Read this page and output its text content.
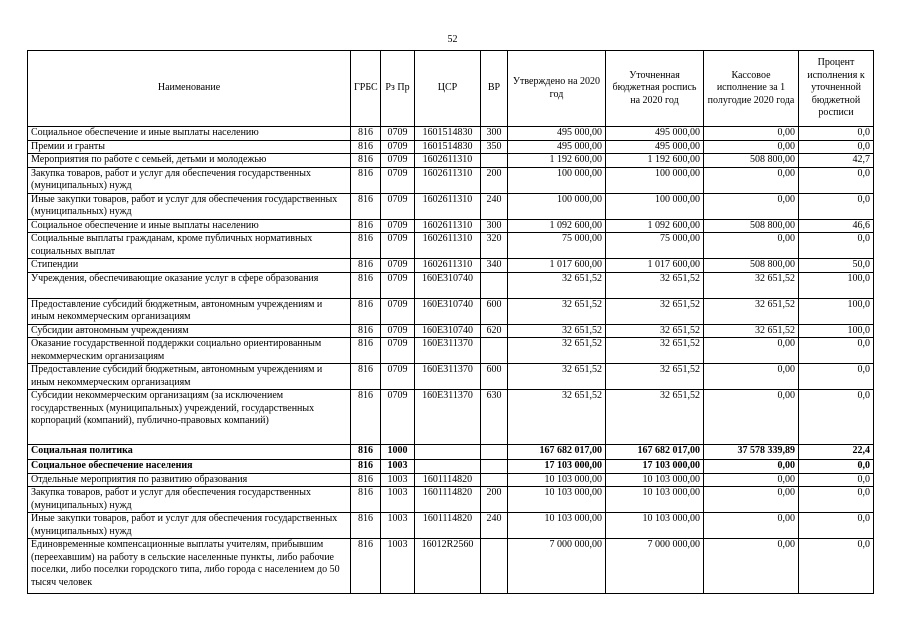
52
Наименование	ГРБС	Рз Пр	ЦСР	ВР	Утверждено на 2020 год	Уточненная бюджетная роспись на 2020 год	Кассовое исполнение за 1 полугодие 2020 года	Процент исполнения к уточненной бюджетной росписи
Социальное обеспечение и иные выплаты населению	816	0709	1601514830	300	495 000,00	495 000,00	0,00	0,0
Премии и гранты	816	0709	1601514830	350	495 000,00	495 000,00	0,00	0,0
Мероприятия по работе с семьей, детьми и молодежью	816	0709	1602611310		1 192 600,00	1 192 600,00	508 800,00	42,7
Закупка товаров, работ и услуг для обеспечения государственных (муниципальных) нужд	816	0709	1602611310	200	100 000,00	100 000,00	0,00	0,0
Иные закупки товаров, работ и услуг для обеспечения государственных (муниципальных) нужд	816	0709	1602611310	240	100 000,00	100 000,00	0,00	0,0
Социальное обеспечение и иные выплаты населению	816	0709	1602611310	300	1 092 600,00	1 092 600,00	508 800,00	46,6
Социальные выплаты гражданам, кроме публичных нормативных социальных выплат	816	0709	1602611310	320	75 000,00	75 000,00	0,00	0,0
Стипендии	816	0709	1602611310	340	1 017 600,00	1 017 600,00	508 800,00	50,0
Учреждения, обеспечивающие оказание услуг в сфере образования	816	0709	160E310740		32 651,52	32 651,52	32 651,52	100,0
Предоставление субсидий бюджетным, автономным учреждениям и иным некоммерческим организациям	816	0709	160E310740	600	32 651,52	32 651,52	32 651,52	100,0
Субсидии автономным учреждениям	816	0709	160E310740	620	32 651,52	32 651,52	32 651,52	100,0
Оказание государственной поддержки социально ориентированным некоммерческим организациям	816	0709	160E311370		32 651,52	32 651,52	0,00	0,0
Предоставление субсидий бюджетным, автономным учреждениям и иным некоммерческим организациям	816	0709	160E311370	600	32 651,52	32 651,52	0,00	0,0
Субсидии некоммерческим организациям (за исключением государственных (муниципальных) учреждений, государственных корпораций (компаний), публично-правовых компаний)	816	0709	160E311370	630	32 651,52	32 651,52	0,00	0,0
Социальная политика	816	1000			167 682 017,00	167 682 017,00	37 578 339,89	22,4
Социальное обеспечение населения	816	1003			17 103 000,00	17 103 000,00	0,00	0,0
Отдельные мероприятия по развитию образования	816	1003	1601114820		10 103 000,00	10 103 000,00	0,00	0,0
Закупка товаров, работ и услуг для обеспечения государственных (муниципальных) нужд	816	1003	1601114820	200	10 103 000,00	10 103 000,00	0,00	0,0
Иные закупки товаров, работ и услуг для обеспечения государственных (муниципальных) нужд	816	1003	1601114820	240	10 103 000,00	10 103 000,00	0,00	0,0
Единовременные компенсационные выплаты учителям, прибывшим (переехавшим) на работу в сельские населенные пункты, либо рабочие поселки, либо поселки городского типа, либо города с населением до 50 тысяч человек	816	1003	16012R2560		7 000 000,00	7 000 000,00	0,00	0,0
